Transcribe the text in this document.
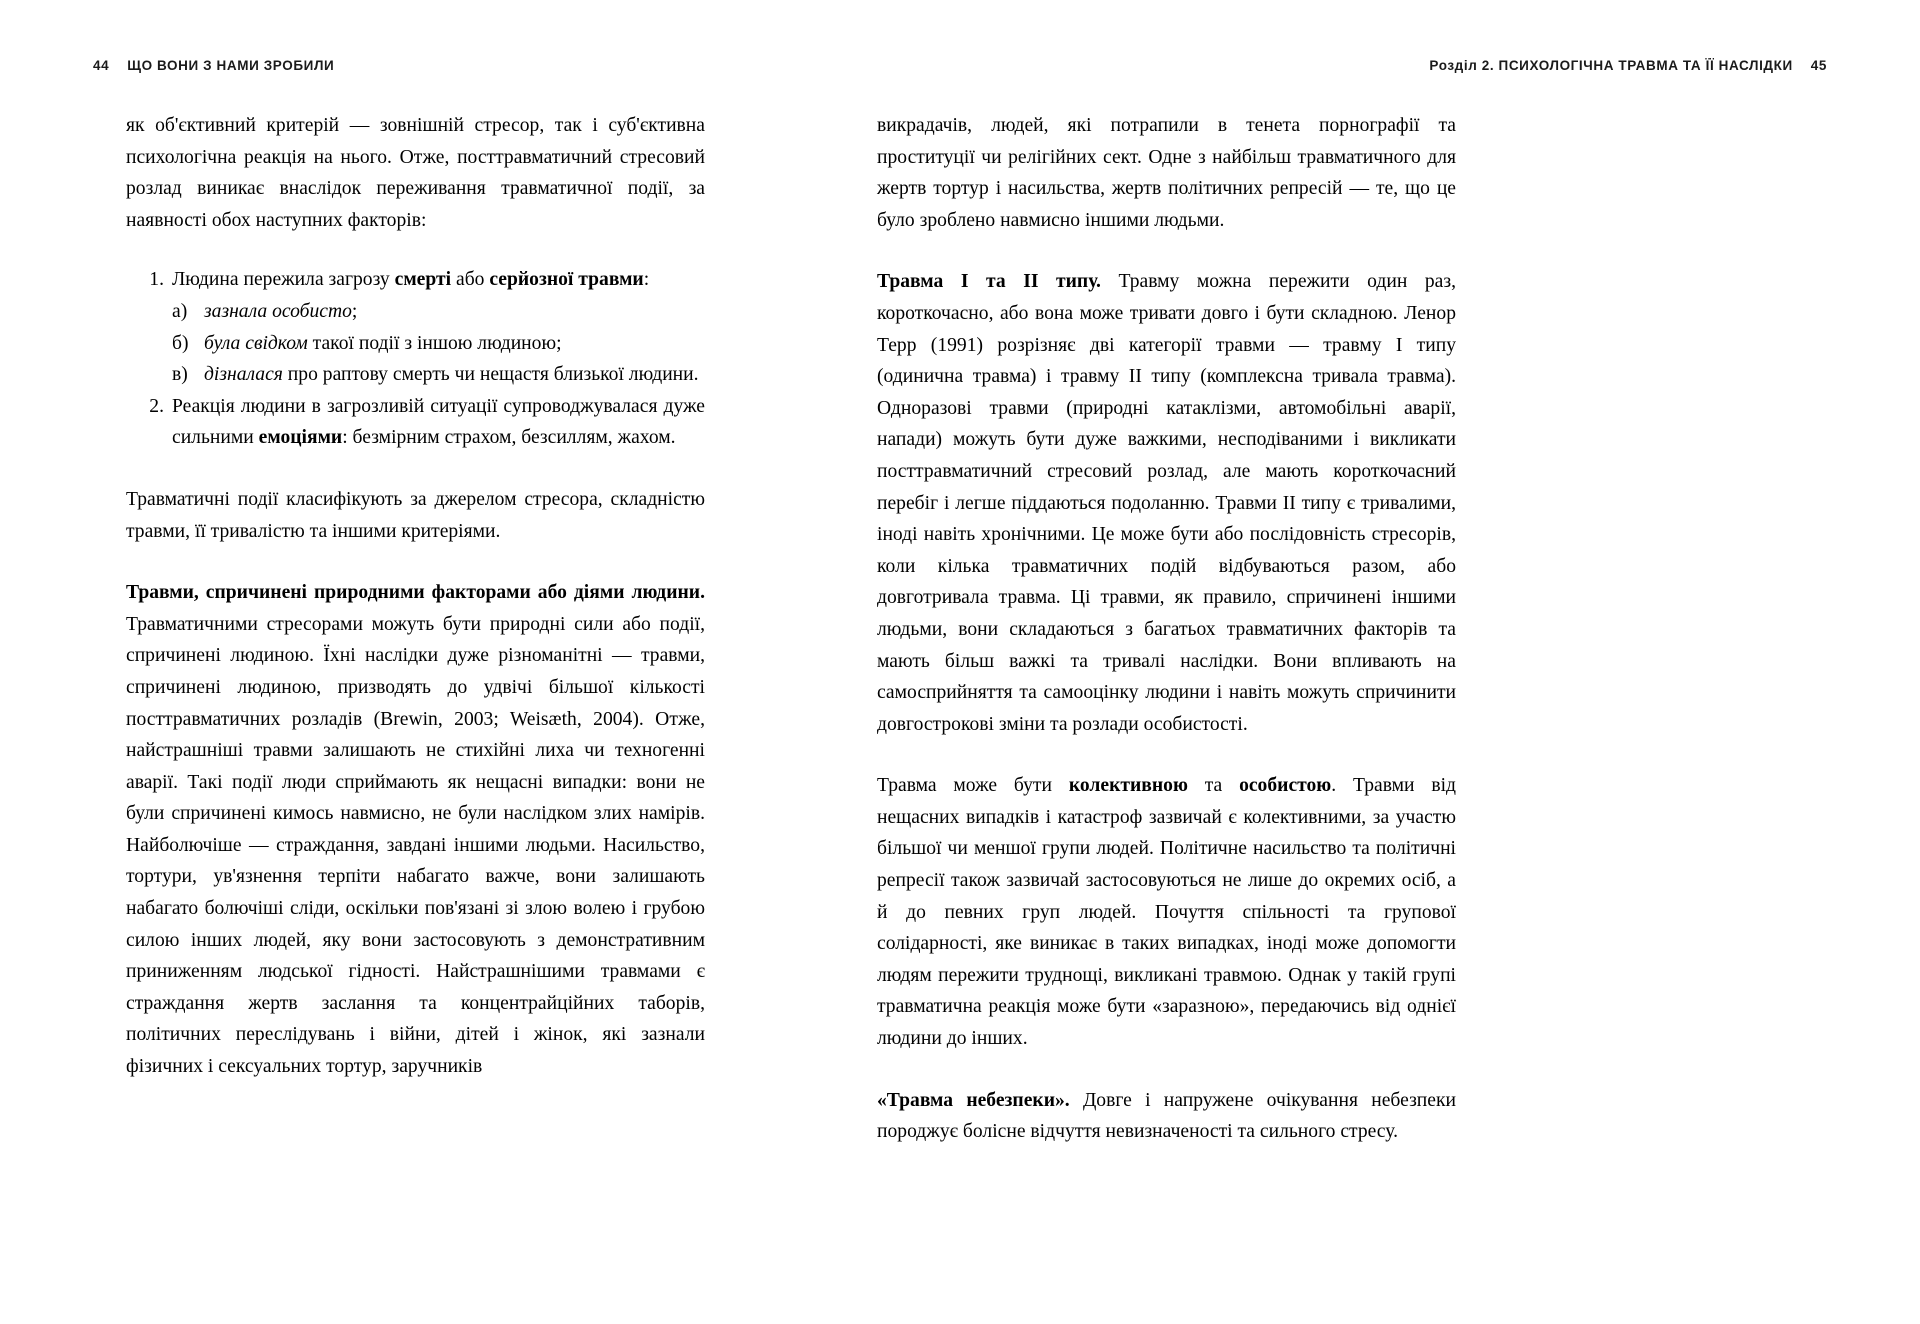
44 ЩО ВОНИ З НАМИ ЗРОБИЛИ	Розділ 2. ПСИХОЛОГІЧНА ТРАВМА ТА ЇЇ НАСЛІДКИ 45

як об'єктивний критерій — зовнішній стресор, так і суб'єктивна психологічна реакція на нього. Отже, посттравматичний стресовий розлад виникає внаслідок переживання травматичної події, за наявності обох наступних факторів:

1. Людина пережила загрозу смерті або серйозної травми:

а) зазнала особисто;

б) була свідком такої події з іншою людиною;

в) дізналася про раптову смерть чи нещастя близької людини.

2. Реакція людини в загрозливій ситуації супроводжувалася дуже сильними емоціями: безмірним страхом, безсиллям, жахом.

Травматичні події класифікують за джерелом стресора, складністю травми, її тривалістю та іншими критеріями.

Травми, спричинені природними факторами або діями людини. Травматичними стресорами можуть бути природні сили або події, спричинені людиною. Їхні наслідки дуже різноманітні — травми, спричинені людиною, призводять до удвічі більшої кількості посттравматичних розладів (Brewin, 2003; Weisæth, 2004). Отже, найстрашніші травми залишають не стихійні лиха чи техногенні аварії. Такі події люди сприймають як нещасні випадки: вони не були спричинені кимось навмисно, не були наслідком злих намірів. Найболючіше — страждання, завдані іншими людьми. Насильство, тортури, ув'язнення терпіти набагато важче, вони залишають набагато болючіші сліди, оскільки пов'язані зі злою волею і грубою силою інших людей, яку вони застосовують з демонстративним приниженням людської гідності. Найстрашнішими травмами є страждання жертв заслання та концентрайційних таборів, політичних переслідувань і війни, дітей і жінок, які зазнали фізичних і сексуальних тортур, заручників

викрадачів, людей, які потрапили в тенета порнографії та проституції чи релігійних сект. Одне з найбільш травматичного для жертв тортур і насильства, жертв політичних репресій — те, що це було зроблено навмисно іншими людьми.

Травма I та II типу. Травму можна пережити один раз, короткочасно, або вона може тривати довго і бути складною. Ленор Терр (1991) розрізняє дві категорії травми — травму I типу (одинична травма) і травму II типу (комплексна тривала травма). Одноразові травми (природні катаклізми, автомобільні аварії, напади) можуть бути дуже важкими, несподіваними і викликати посттравматичний стресовий розлад, але мають короткочасний перебіг і легше піддаються подоланню. Травми II типу є тривалими, іноді навіть хронічними. Це може бути або послідовність стресорів, коли кілька травматичних подій відбуваються разом, або довготривала травма. Ці травми, як правило, спричинені іншими людьми, вони складаються з багатьох травматичних факторів та мають більш важкі та тривалі наслідки. Вони впливають на самосприйняття та самооцінку людини і навіть можуть спричинити довгострокові зміни та розлади особистості.

Травма може бути колективною та особистою. Травми від нещасних випадків і катастроф зазвичай є колективними, за участю більшої чи меншої групи людей. Політичне насильство та політичні репресії також зазвичай застосовуються не лише до окремих осіб, а й до певних груп людей. Почуття спільності та групової солідарності, яке виникає в таких випадках, іноді може допомогти людям пережити труднощі, викликані травмою. Однак у такій групі травматична реакція може бути «заразною», передаючись від однієї людини до інших.

«Травма небезпеки». Довге і напружене очікування небезпеки породжує болісне відчуття невизначеності та сильного стресу.
